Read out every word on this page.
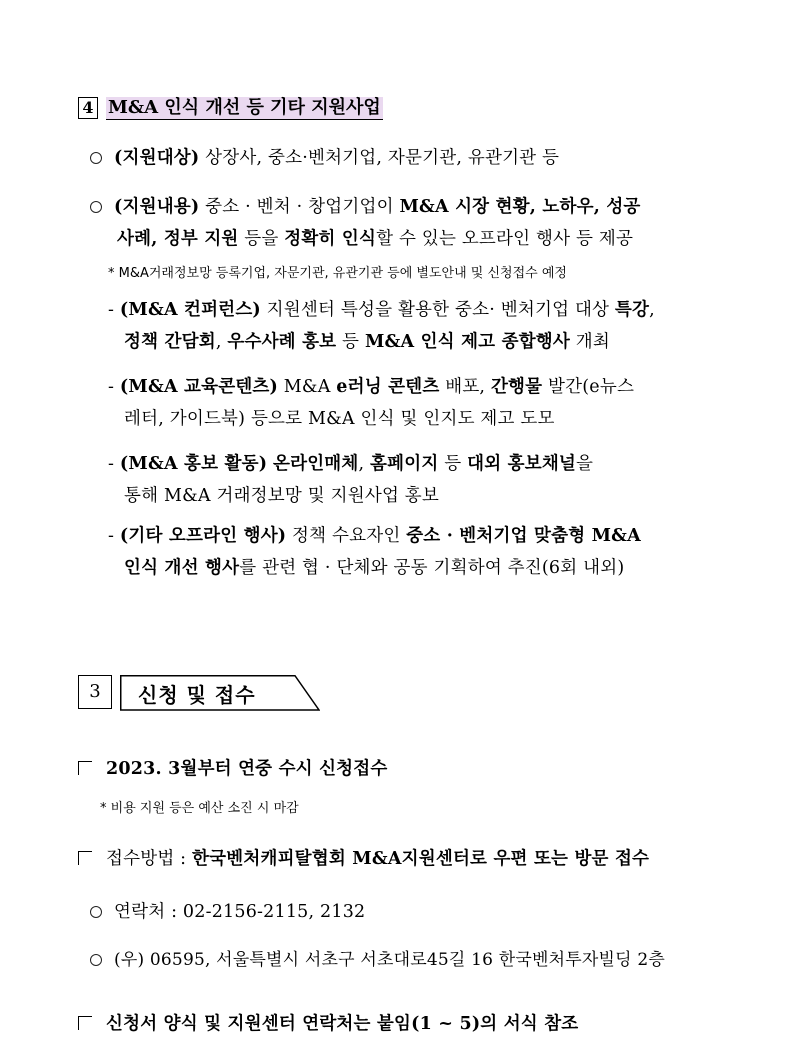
4 M&A 인식 개선 등 기타 지원사업
(지원대상) 상장사, 중소·벤처기업, 자문기관, 유관기관 등
(지원내용) 중소 · 벤처 · 창업기업이 M&A 시장 현황, 노하우, 성공
사례, 정부 지원 등을 정확히 인식할 수 있는 오프라인 행사 등 제공
* M&A거래정보망 등록기업, 자문기관, 유관기관 등에 별도안내 및 신청접수 예정
- (M&A 컨퍼런스) 지원센터 특성을 활용한 중소· 벤처기업 대상 특강,
정책 간담회, 우수사례 홍보 등 M&A 인식 제고 종합행사 개최
- (M&A 교육콘텐츠) M&A e러닝 콘텐츠 배포, 간행물 발간(e뉴스
레터, 가이드북) 등으로 M&A 인식 및 인지도 제고 도모
- (M&A 홍보 활동) 온라인매체, 홈페이지 등 대외 홍보채널을
통해 M&A 거래정보망 및 지원사업 홍보
- (기타 오프라인 행사) 정책 수요자인 중소 · 벤처기업 맞춤형 M&A
인식 개선 행사를 관련 협 · 단체와 공동 기획하여 추진(6회 내외)
3	신청 및 접수
2023. 3월부터 연중 수시 신청접수
* 비용 지원 등은 예산 소진 시 마감
접수방법 : 한국벤처캐피탈협회 M&A지원센터로 우편 또는 방문 접수
연락처 : 02-2156-2115, 2132
(우) 06595, 서울특별시 서초구 서초대로45길 16 한국벤처투자빌딩 2층
신청서 양식 및 지원센터 연락처는 붙임(1 ~ 5)의 서식 참조
